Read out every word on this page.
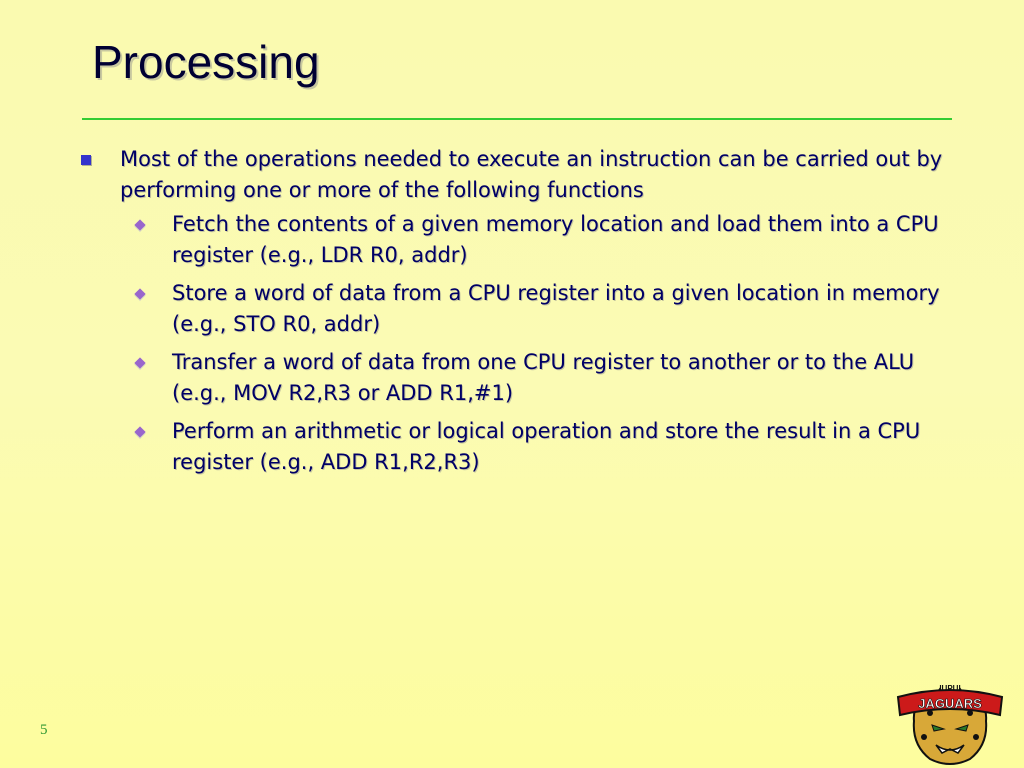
Processing
Most of the operations needed to execute an instruction can be carried out by performing one or more of the following functions
Fetch the contents of a given memory location and load them into a CPU register (e.g., LDR R0, addr)
Store a word of data from a CPU register into a given location in memory (e.g., STO R0, addr)
Transfer a word of data from one CPU register to another or to the ALU (e.g., MOV R2,R3 or ADD R1,#1)
Perform an arithmetic or logical operation and store the result in a CPU register (e.g., ADD R1,R2,R3)
5
IUPUI
JAGUARS
